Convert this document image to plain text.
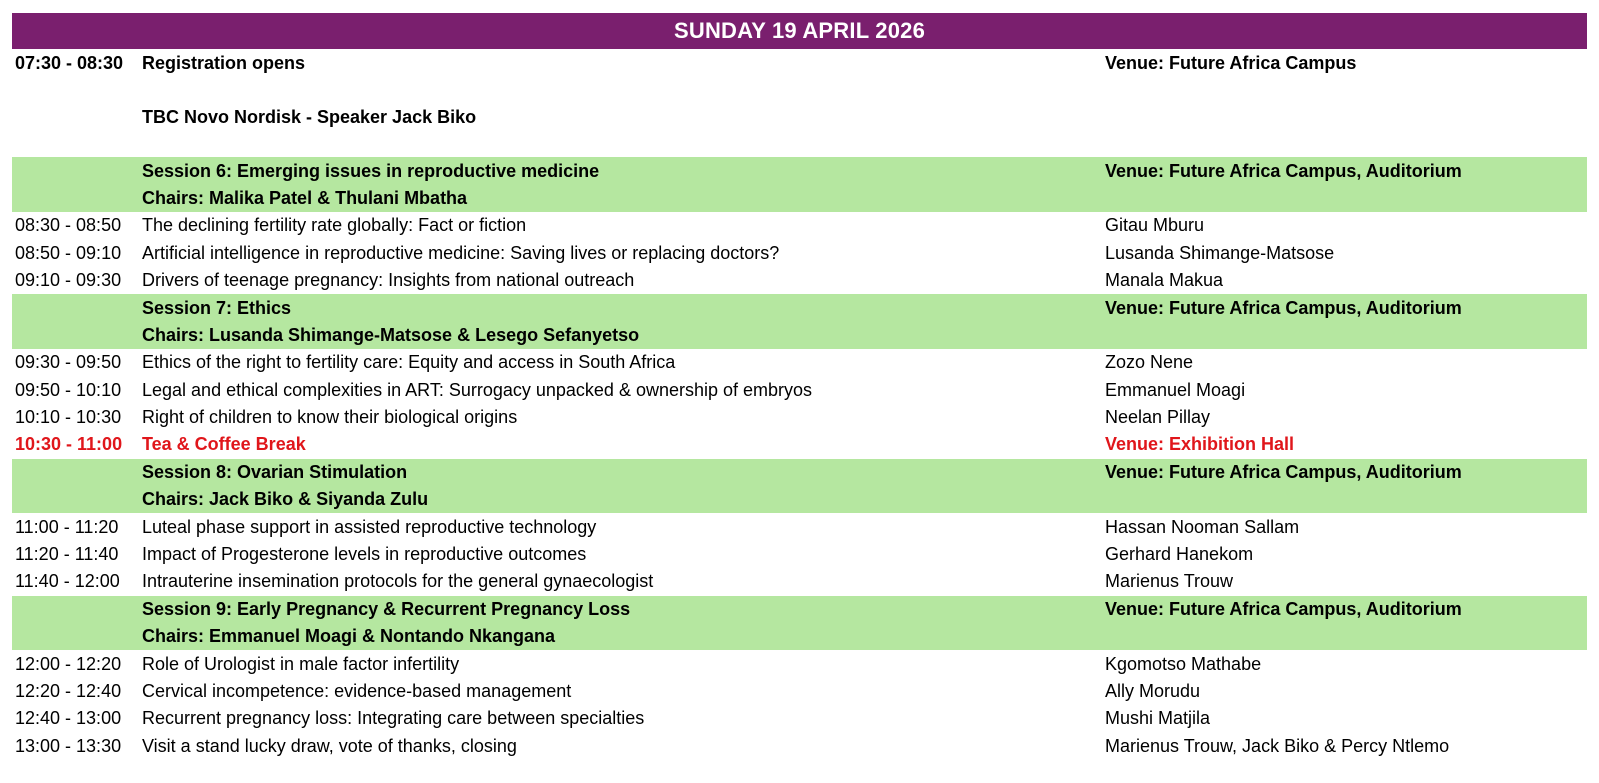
SUNDAY 19 APRIL 2026
07:30 - 08:30	Registration opens	Venue: Future Africa Campus
TBC Novo Nordisk - Speaker Jack Biko
Session 6: Emerging issues in reproductive medicine	Venue: Future Africa Campus, Auditorium
Chairs: Malika Patel & Thulani Mbatha
08:30 - 08:50	The declining fertility rate globally: Fact or fiction	Gitau Mburu
08:50 - 09:10	Artificial intelligence in reproductive medicine: Saving lives or replacing doctors?	Lusanda Shimange-Matsose
09:10 - 09:30	Drivers of teenage pregnancy: Insights from national outreach	Manala Makua
Session 7: Ethics	Venue: Future Africa Campus, Auditorium
Chairs: Lusanda Shimange-Matsose & Lesego Sefanyetso
09:30 - 09:50	Ethics of the right to fertility care: Equity and access in South Africa	Zozo Nene
09:50 - 10:10	Legal and ethical complexities in ART: Surrogacy unpacked & ownership of embryos	Emmanuel Moagi
10:10 - 10:30	Right of children to know their biological origins	Neelan Pillay
10:30 - 11:00	Tea & Coffee Break	Venue: Exhibition Hall
Session 8: Ovarian Stimulation	Venue: Future Africa Campus, Auditorium
Chairs: Jack Biko & Siyanda Zulu
11:00 - 11:20	Luteal phase support in assisted reproductive technology	Hassan Nooman Sallam
11:20 - 11:40	Impact of Progesterone levels in reproductive outcomes	Gerhard Hanekom
11:40 - 12:00	Intrauterine insemination protocols for the general gynaecologist	Marienus Trouw
Session 9: Early Pregnancy & Recurrent Pregnancy Loss	Venue: Future Africa Campus, Auditorium
Chairs: Emmanuel Moagi & Nontando Nkangana
12:00 - 12:20	Role of Urologist in male factor infertility	Kgomotso Mathabe
12:20 - 12:40	Cervical incompetence: evidence-based management	Ally Morudu
12:40 - 13:00	Recurrent pregnancy loss: Integrating care between specialties	Mushi Matjila
13:00 - 13:30	Visit a stand lucky draw, vote of thanks, closing	Marienus Trouw, Jack Biko & Percy Ntlemo
